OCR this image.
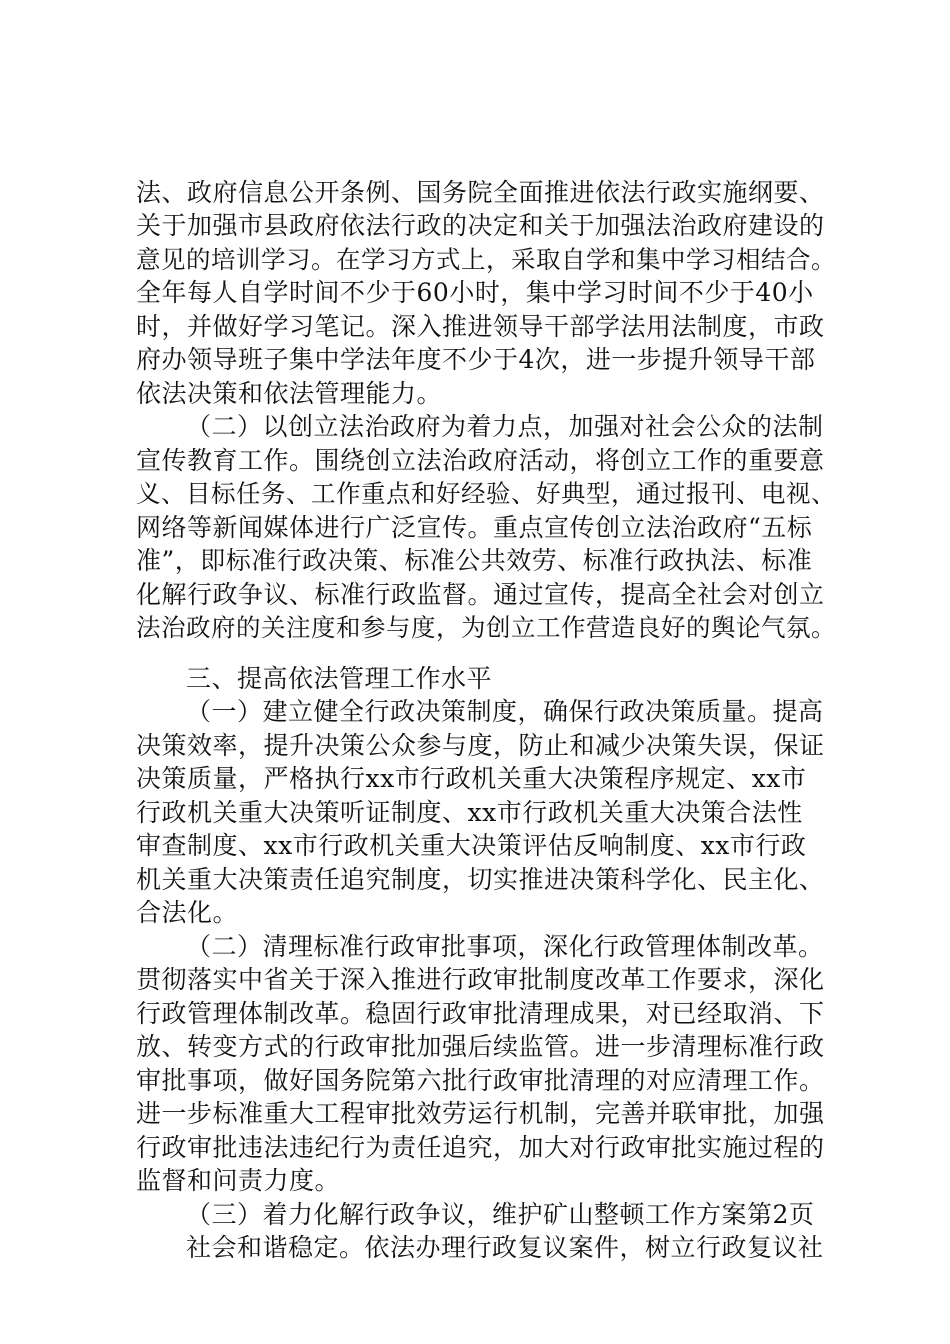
法、政府信息公开条例、国务院全面推进依法行政实施纲要、
关于加强市县政府依法行政的决定和关于加强法治政府建设的
意见的培训学习。在学习方式上，采取自学和集中学习相结合。
全年每人自学时间不少于60小时，集中学习时间不少于40小
时，并做好学习笔记。深入推进领导干部学法用法制度，市政
府办领导班子集中学法年度不少于4次，进一步提升领导干部
依法决策和依法管理能力。
（二）以创立法治政府为着力点，加强对社会公众的法制
宣传教育工作。围绕创立法治政府活动，将创立工作的重要意
义、目标任务、工作重点和好经验、好典型，通过报刊、电视、
网络等新闻媒体进行广泛宣传。重点宣传创立法治政府“五标
准”，即标准行政决策、标准公共效劳、标准行政执法、标准
化解行政争议、标准行政监督。通过宣传，提高全社会对创立
法治政府的关注度和参与度，为创立工作营造良好的舆论气氛。
三、提高依法管理工作水平
（一）建立健全行政决策制度，确保行政决策质量。提高
决策效率，提升决策公众参与度，防止和减少决策失误，保证
决策质量，严格执行xx市行政机关重大决策程序规定、xx市
行政机关重大决策听证制度、xx市行政机关重大决策合法性
审查制度、xx市行政机关重大决策评估反响制度、xx市行政
机关重大决策责任追究制度，切实推进决策科学化、民主化、
合法化。
（二）清理标准行政审批事项，深化行政管理体制改革。
贯彻落实中省关于深入推进行政审批制度改革工作要求，深化
行政管理体制改革。稳固行政审批清理成果，对已经取消、下
放、转变方式的行政审批加强后续监管。进一步清理标准行政
审批事项，做好国务院第六批行政审批清理的对应清理工作。
进一步标准重大工程审批效劳运行机制，完善并联审批，加强
行政审批违法违纪行为责任追究，加大对行政审批实施过程的
监督和问责力度。
（三）着力化解行政争议，维护矿山整顿工作方案第2页
社会和谐稳定。依法办理行政复议案件，树立行政复议社
